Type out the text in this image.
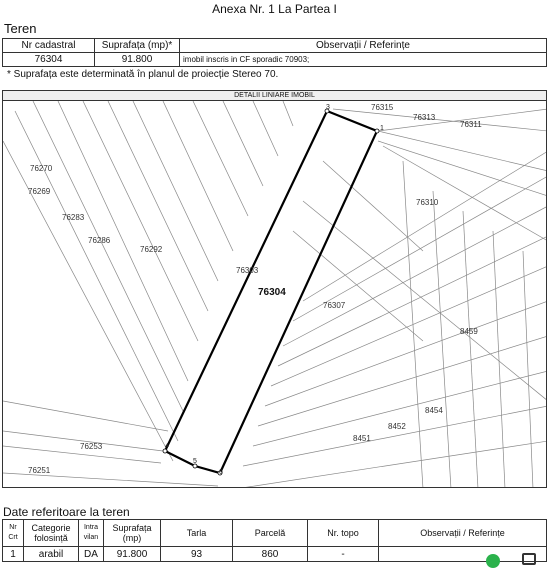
Anexa Nr. 1 La Partea I
Teren
Nr cadastral	Suprafața (mp)*	Observații / Referințe
76304	91.800	imobil inscris in CF sporadic 70903;
* Suprafața este determinată în planul de proiecție Stereo 70.
DETALII LINIARE IMOBIL
1
3
4
5
6
76304
76303
76315
76313
76311
76270
76269
76283
76286
76292
76310
76307
8459
8454
8452
8451
76253
76251
Date referitoare la teren
Nr Crt	Categorie folosință	Intra vilan	Suprafața (mp)	Tarla	Parcelă	Nr. topo	Observații / Referințe
1	arabil	DA	91.800	93	860	-	
